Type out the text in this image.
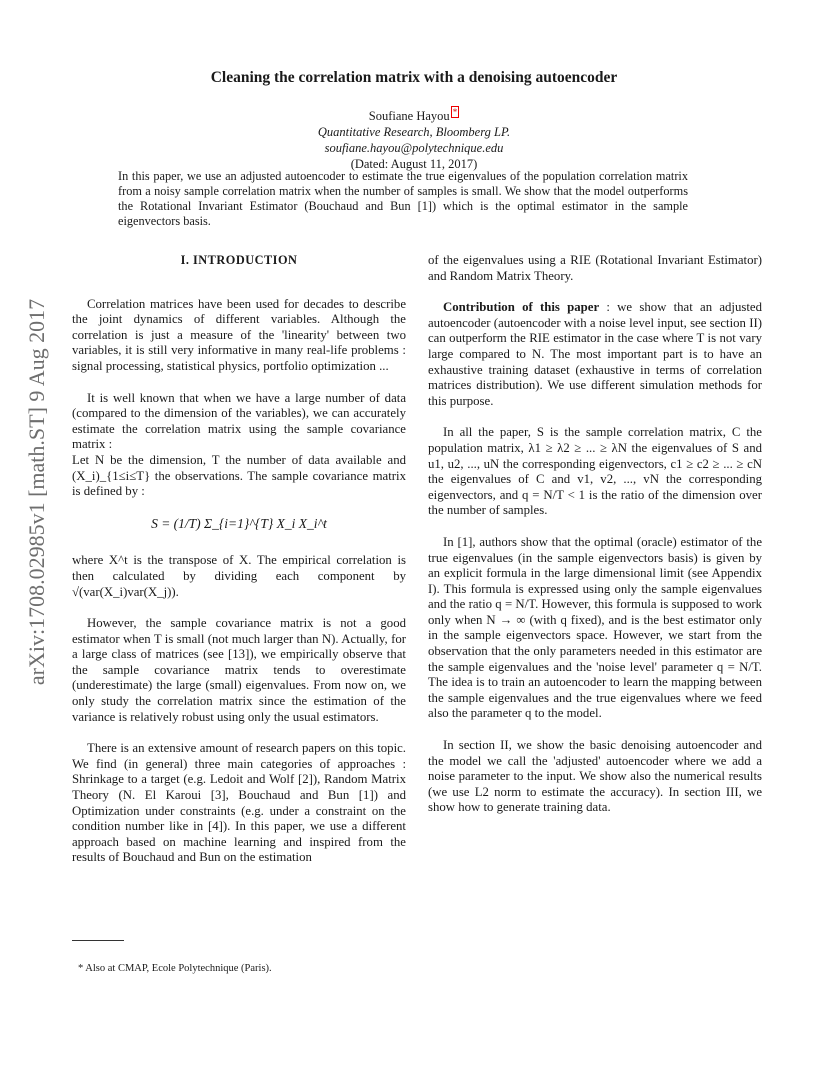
arXiv:1708.02985v1 [math.ST] 9 Aug 2017
Cleaning the correlation matrix with a denoising autoencoder
Soufiane Hayou *
Quantitative Research, Bloomberg LP.
soufiane.hayou@polytechnique.edu
(Dated: August 11, 2017)
In this paper, we use an adjusted autoencoder to estimate the true eigenvalues of the population correlation matrix from a noisy sample correlation matrix when the number of samples is small. We show that the model outperforms the Rotational Invariant Estimator (Bouchaud and Bun [1]) which is the optimal estimator in the sample eigenvectors basis.
I. INTRODUCTION

Correlation matrices have been used for decades to describe the joint dynamics of different variables. Although the correlation is just a measure of the 'linearity' between two variables, it is still very informative in many real-life problems : signal processing, statistical physics, portfolio optimization ...

It is well known that when we have a large number of data (compared to the dimension of the variables), we can accurately estimate the correlation matrix using the sample covariance matrix :

Let N be the dimension, T the number of data available and (X_i)_{1≤i≤T} the observations. The sample covariance matrix is defined by :

S = (1/T) Σ_{i=1}^{T} X_i X_i^t

where X^t is the transpose of X. The empirical correlation is then calculated by dividing each component by √(var(X_i)var(X_j)).

However, the sample covariance matrix is not a good estimator when T is small (not much larger than N). Actually, for a large class of matrices (see [13]), we empirically observe that the sample covariance matrix tends to overestimate (underestimate) the large (small) eigenvalues. From now on, we only study the correlation matrix since the estimation of the variance is relatively robust using only the usual estimators.

There is an extensive amount of research papers on this topic. We find (in general) three main categories of approaches : Shrinkage to a target (e.g. Ledoit and Wolf [2]), Random Matrix Theory (N. El Karoui [3], Bouchaud and Bun [1]) and Optimization under constraints (e.g. under a constraint on the condition number like in [4]). In this paper, we use a different approach based on machine learning and inspired from the results of Bouchaud and Bun on the estimation

of the eigenvalues using a RIE (Rotational Invariant Estimator) and Random Matrix Theory.

Contribution of this paper : we show that an adjusted autoencoder (autoencoder with a noise level input, see section II) can outperform the RIE estimator in the case where T is not vary large compared to N. The most important part is to have an exhaustive training dataset (exhaustive in terms of correlation matrices distribution). We use different simulation methods for this purpose.

In all the paper, S is the sample correlation matrix, C the population matrix, λ1 ≥ λ2 ≥ ... ≥ λN the eigenvalues of S and u1, u2, ..., uN the corresponding eigenvectors, c1 ≥ c2 ≥ ... ≥ cN the eigenvalues of C and v1, v2, ..., vN the corresponding eigenvectors, and q = N/T < 1 is the ratio of the dimension over the number of samples.

In [1], authors show that the optimal (oracle) estimator of the true eigenvalues (in the sample eigenvectors basis) is given by an explicit formula in the large dimensional limit (see Appendix I). This formula is expressed using only the sample eigenvalues and the ratio q = N/T. However, this formula is supposed to work only when N → ∞ (with q fixed), and is the best estimator only in the sample eigenvectors space. However, we start from the observation that the only parameters needed in this estimator are the sample eigenvalues and the 'noise level' parameter q = N/T. The idea is to train an autoencoder to learn the mapping between the sample eigenvalues and the true eigenvalues where we feed also the parameter q to the model.

In section II, we show the basic denoising autoencoder and the model we call the 'adjusted' autoencoder where we add a noise parameter to the input. We show also the numerical results (we use L2 norm to estimate the accuracy). In section III, we show how to generate training data.

* Also at CMAP, Ecole Polytechnique (Paris).
